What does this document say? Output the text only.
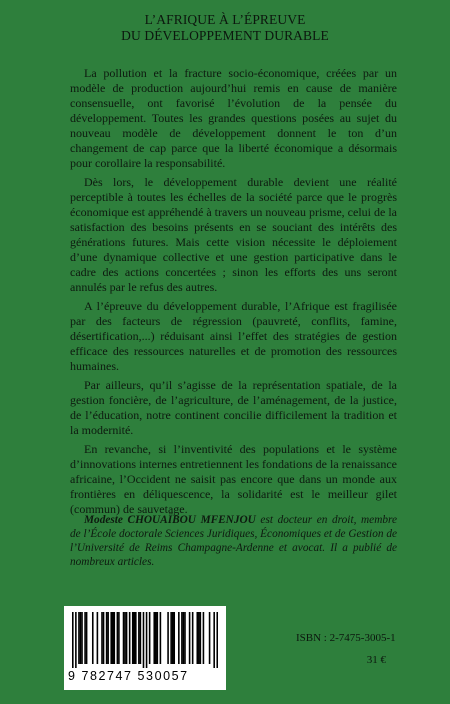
L’AFRIQUE À L’ÉPREUVE
DU DÉVELOPPEMENT DURABLE

La pollution et la fracture socio-économique, créées par un modèle de production aujourd’hui remis en cause de manière consensuelle, ont favorisé l’évolution de la pensée du développement. Toutes les grandes questions posées au sujet du nouveau modèle de développement donnent le ton d’un changement de cap parce que la liberté économique a désormais pour corollaire la responsabilité.

Dès lors, le développement durable devient une réalité perceptible à toutes les échelles de la société parce que le progrès économique est appréhendé à travers un nouveau prisme, celui de la satisfaction des besoins présents en se souciant des intérêts des générations futures. Mais cette vision nécessite le déploiement d’une dynamique collective et une gestion participative dans le cadre des actions concertées ; sinon les efforts des uns seront annulés par le refus des autres.

A l’épreuve du développement durable, l’Afrique est fragilisée par des facteurs de régression (pauvreté, conflits, famine, désertification,...) réduisant ainsi l’effet des stratégies de gestion efficace des ressources naturelles et de promotion des ressources humaines.

Par ailleurs, qu’il s’agisse de la représentation spatiale, de la gestion foncière, de l’agriculture, de l’aménagement, de la justice, de l’éducation, notre continent concilie difficilement la tradition et la modernité.

En revanche, si l’inventivité des populations et le système d’innovations internes entretiennent les fondations de la renaissance africaine, l’Occident ne saisit pas encore que dans un monde aux frontières en déliquescence, la solidarité est le meilleur gilet (commun) de sauvetage.

Modeste CHOUAÏBOU MFENJOU est docteur en droit, membre de l’École doctorale Sciences Juridiques, Économiques et de Gestion de l’Université de Reims Champagne-Ardenne et avocat. Il a publié de nombreux articles.
9 782747 530057
ISBN : 2-7475-3005-1
31 €
